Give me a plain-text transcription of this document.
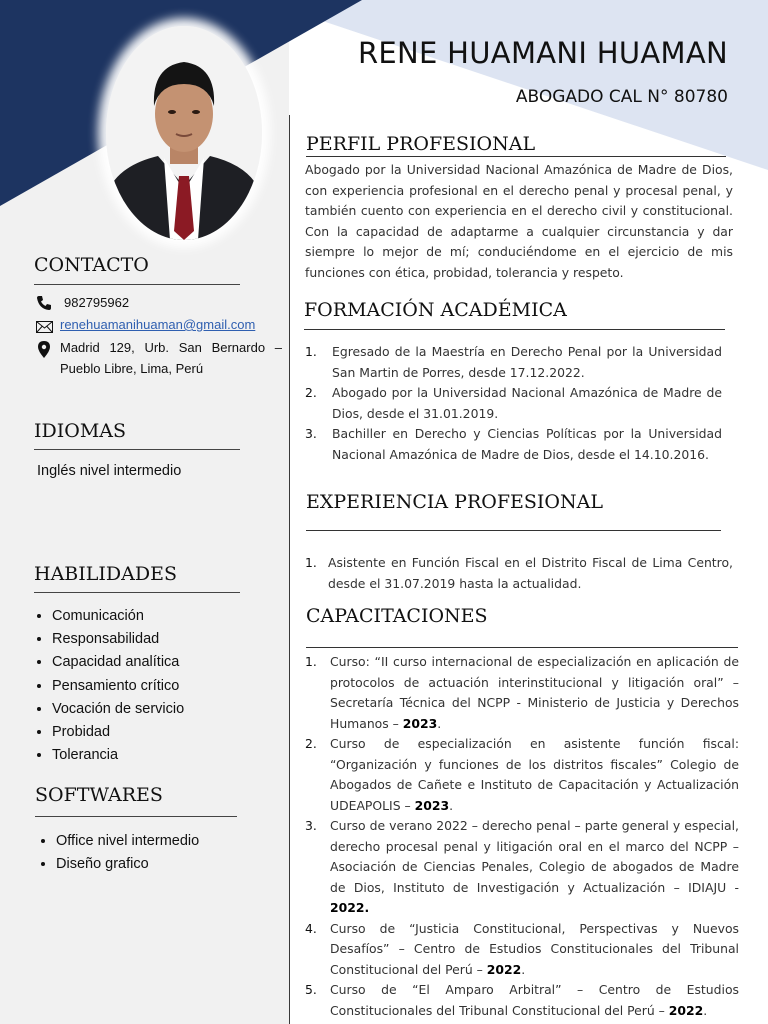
RENE HUAMANI HUAMAN
ABOGADO CAL N° 80780
CONTACTO
982795962
renehuamanihuaman@gmail.com
Madrid 129, Urb. San Bernardo – Pueblo Libre, Lima, Perú
IDIOMAS

Inglés nivel intermedio

HABILIDADES
• Comunicación
• Responsabilidad
• Capacidad analítica
• Pensamiento crítico
• Vocación de servicio
• Probidad
• Tolerancia
SOFTWARES
• Office nivel intermedio
• Diseño grafico
PERFIL PROFESIONAL

Abogado por la Universidad Nacional Amazónica de Madre de Dios, con experiencia profesional en el derecho penal y procesal penal, y también cuento con experiencia en el derecho civil y constitucional. Con la capacidad de adaptarme a cualquier circunstancia y dar siempre lo mejor de mí; conduciéndome en el ejercicio de mis funciones con ética, probidad, tolerancia y respeto.

FORMACIÓN ACADÉMICA
1.	Egresado de la Maestría en Derecho Penal por la Universidad San Martin de Porres, desde 17.12.2022.
2.	Abogado por la Universidad Nacional Amazónica de Madre de Dios, desde el 31.01.2019.
3.	Bachiller en Derecho y Ciencias Políticas por la Universidad Nacional Amazónica de Madre de Dios, desde el 14.10.2016.
EXPERIENCIA PROFESIONAL
1. Asistente en Función Fiscal en el Distrito Fiscal de Lima Centro, desde el 31.07.2019 hasta la actualidad.
CAPACITACIONES
1.	Curso: “II curso internacional de especialización en aplicación de protocolos de actuación interinstitucional y litigación oral” – Secretaría Técnica del NCPP - Ministerio de Justicia y Derechos Humanos – 2023.
2.	Curso de especialización en asistente función fiscal: “Organización y funciones de los distritos fiscales” Colegio de Abogados de Cañete e Instituto de Capacitación y Actualización UDEAPOLIS – 2023.
3.	Curso de verano 2022 – derecho penal – parte general y especial, derecho procesal penal y litigación oral en el marco del NCPP – Asociación de Ciencias Penales, Colegio de abogados de Madre de Dios, Instituto de Investigación y Actualización – IDIAJU - 2022.
4.	Curso de “Justicia Constitucional, Perspectivas y Nuevos Desafíos” – Centro de Estudios Constitucionales del Tribunal Constitucional del Perú – 2022.
5.	Curso de “El Amparo Arbitral” – Centro de Estudios Constitucionales del Tribunal Constitucional del Perú – 2022.
